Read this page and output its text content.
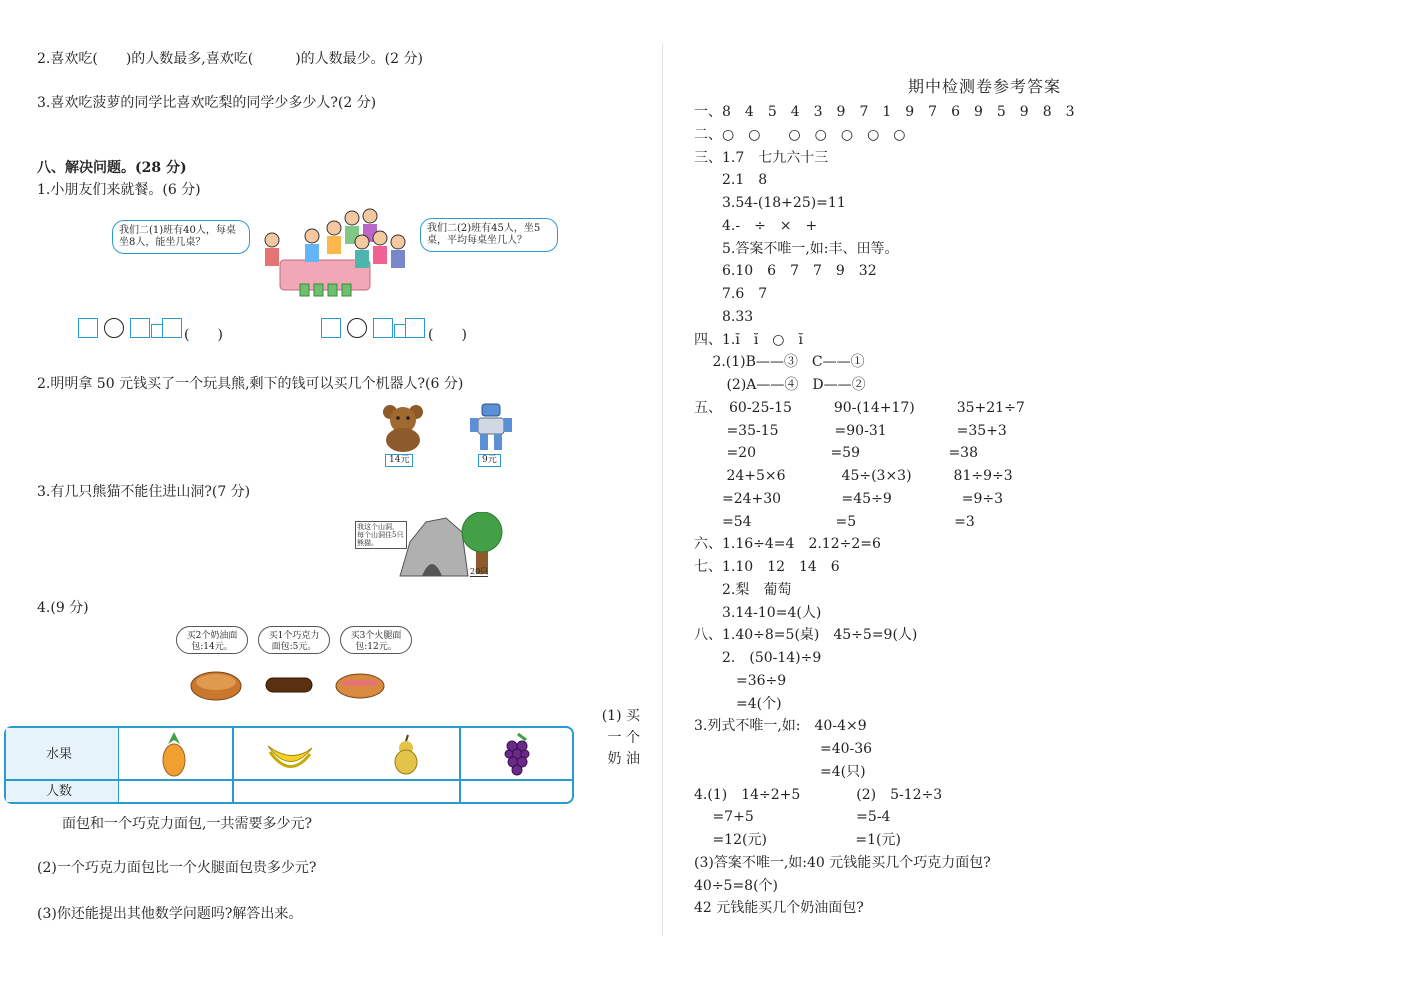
2.喜欢吃(　　)的人数最多,喜欢吃(　　　)的人数最少。(2 分)
3.喜欢吃菠萝的同学比喜欢吃梨的同学少多少人?(2 分)
八、解决问题。(28 分)
1.小朋友们来就餐。(6 分)
我们二(1)班有40人，每桌坐8人，能坐几桌？
我们二(2)班有45人，坐5桌，平均每桌坐几人？
(　　)	(　　)
2.明明拿 50 元钱买了一个玩具熊,剩下的钱可以买几个机器人?(6 分)
14元	9元
3.有几只熊猫不能住进山洞?(7 分)
我这个山洞，每个山洞住5只熊猫。
20只
4.(9 分)
买2个奶油面包:14元。
买1个巧克力面包:5元。
买3个火腿面包:12元。
水果
人数
(1) 买 一 个 奶 油
面包和一个巧克力面包,一共需要多少元?
(2)一个巧克力面包比一个火腿面包贵多少元?
(3)你还能提出其他数学问题吗?解答出来。
期中检测卷参考答案
一、8　4　5　4　3　9　7　1　9　7　6　9　5　9　8　3
二、○　○　　○　○　○　○　○
三、1.7　七九六十三
　　2.1　8
　　3.54-(18+25)=11
　　4.-　÷　×　+
　　5.答案不唯一,如:丰、田等。
　　6.10　6　7　7　9　32
　　7.6　7
　　8.33
四、1.ĭ　ĭ　○　ĭ
　 2.(1)B——③　C——①
　 　(2)A——④　D——②
五、　60-25-15　　　90-(14+17)　　　35+21÷7
　　 =35-15　　　　=90-31　　　　　=35+3
　　 =20　　　　　 =59　　　　　　 =38
　　 24+5×6　　　　45÷(3×3)　　　81÷9÷3
　　=24+30　　　　 =45÷9　　　　　=9÷3
　　=54　　　　　　=5　　　　　　　=3
六、1.16÷4=4　2.12÷2=6
七、1.10　12　14　6
　　2.梨　葡萄
　　3.14-10=4(人)
八、1.40÷8=5(桌)　45÷5=9(人)
　　2.　(50-14)÷9
　　　=36÷9
　　　=4(个)
3.列式不唯一,如:　40-4×9
　　　　　　　　　=40-36
　　　　　　　　　=4(只)
4.(1)　14÷2+5　　　　(2)　5-12÷3
　 =7+5　　　　　　　 =5-4
　 =12(元)　　　　　　 =1(元)
(3)答案不唯一,如:40 元钱能买几个巧克力面包?
40÷5=8(个)
42 元钱能买几个奶油面包?
